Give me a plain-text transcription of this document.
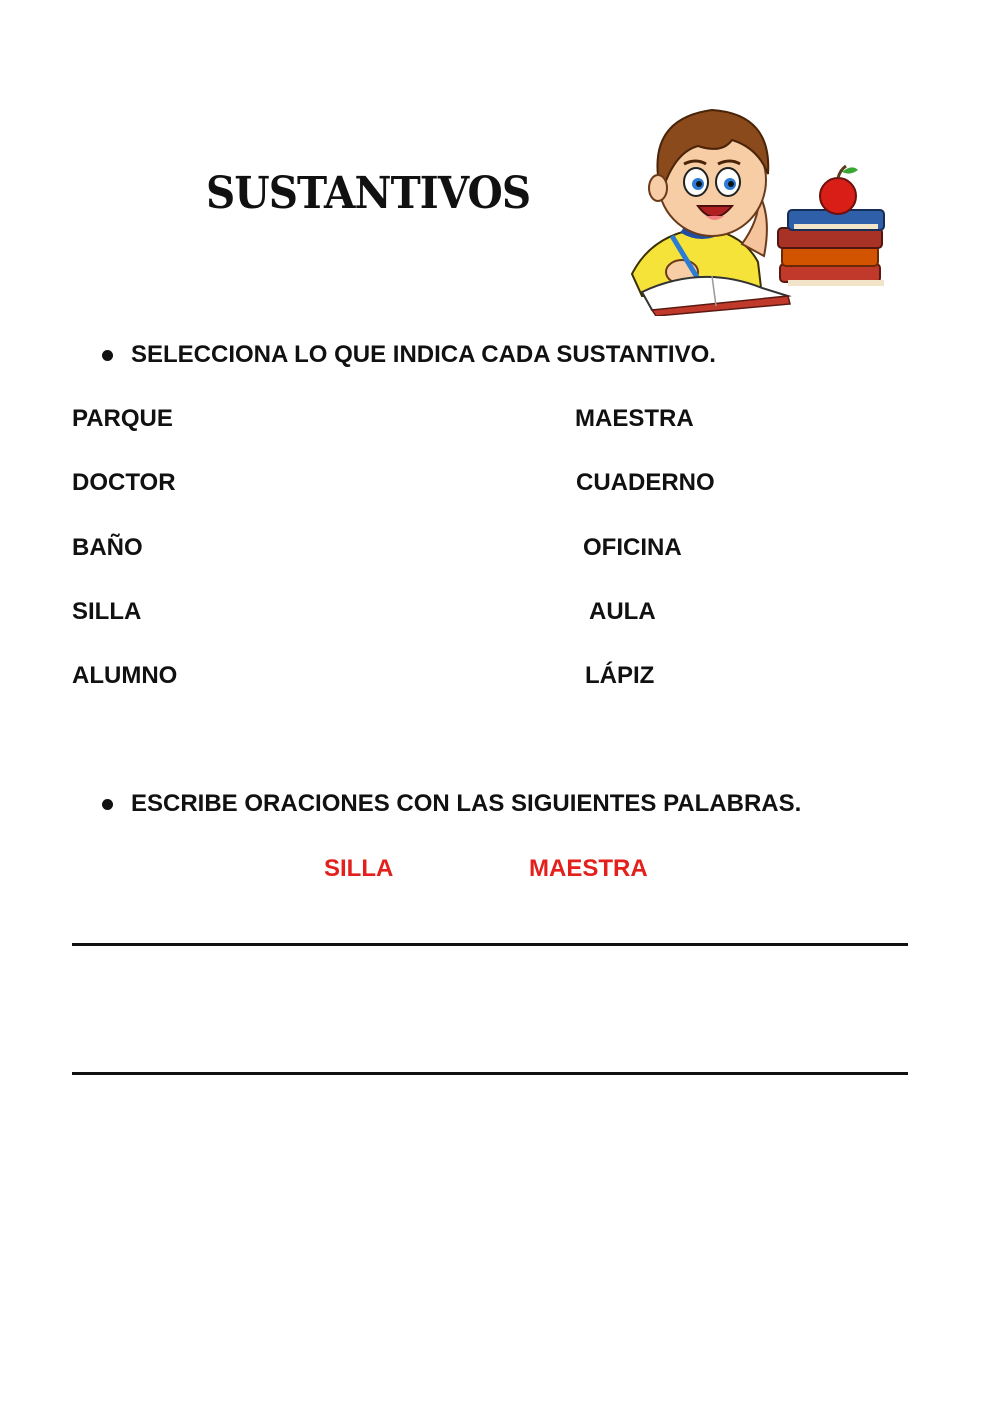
SUSTANTIVOS
SELECCIONA LO QUE INDICA CADA SUSTANTIVO.
PARQUE
DOCTOR
BAÑO
SILLA
ALUMNO
MAESTRA
CUADERNO
OFICINA
AULA
LÁPIZ
ESCRIBE ORACIONES CON LAS SIGUIENTES PALABRAS.
SILLA	MAESTRA
